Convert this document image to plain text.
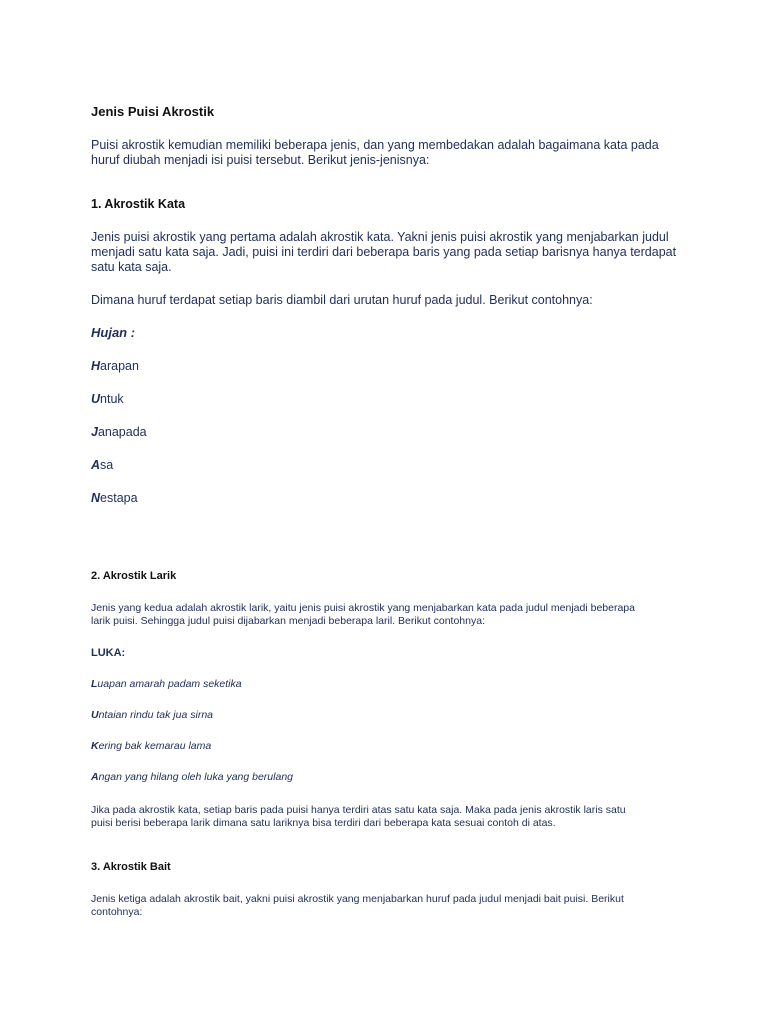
Jenis Puisi Akrostik

Puisi akrostik kemudian memiliki beberapa jenis, dan yang membedakan adalah bagaimana kata pada

huruf diubah menjadi isi puisi tersebut. Berikut jenis-jenisnya:

1. Akrostik Kata

Jenis puisi akrostik yang pertama adalah akrostik kata. Yakni jenis puisi akrostik yang menjabarkan judul

menjadi satu kata saja. Jadi, puisi ini terdiri dari beberapa baris yang pada setiap barisnya hanya terdapat

satu kata saja.

Dimana huruf terdapat setiap baris diambil dari urutan huruf pada judul. Berikut contohnya:

Hujan :

Harapan

Untuk

Janapada

Asa

Nestapa

2. Akrostik Larik

Jenis yang kedua adalah akrostik larik, yaitu jenis puisi akrostik yang menjabarkan kata pada judul menjadi beberapa

larik puisi. Sehingga judul puisi dijabarkan menjadi beberapa laril. Berikut contohnya:

LUKA:

Luapan amarah padam seketika

Untaian rindu tak jua sirna

Kering bak kemarau lama

Angan yang hilang oleh luka yang berulang

Jika pada akrostik kata, setiap baris pada puisi hanya terdiri atas satu kata saja. Maka pada jenis akrostik laris satu

puisi berisi beberapa larik dimana satu lariknya bisa terdiri dari beberapa kata sesuai contoh di atas.

3. Akrostik Bait

Jenis ketiga adalah akrostik bait, yakni puisi akrostik yang menjabarkan huruf pada judul menjadi bait puisi. Berikut

contohnya:
